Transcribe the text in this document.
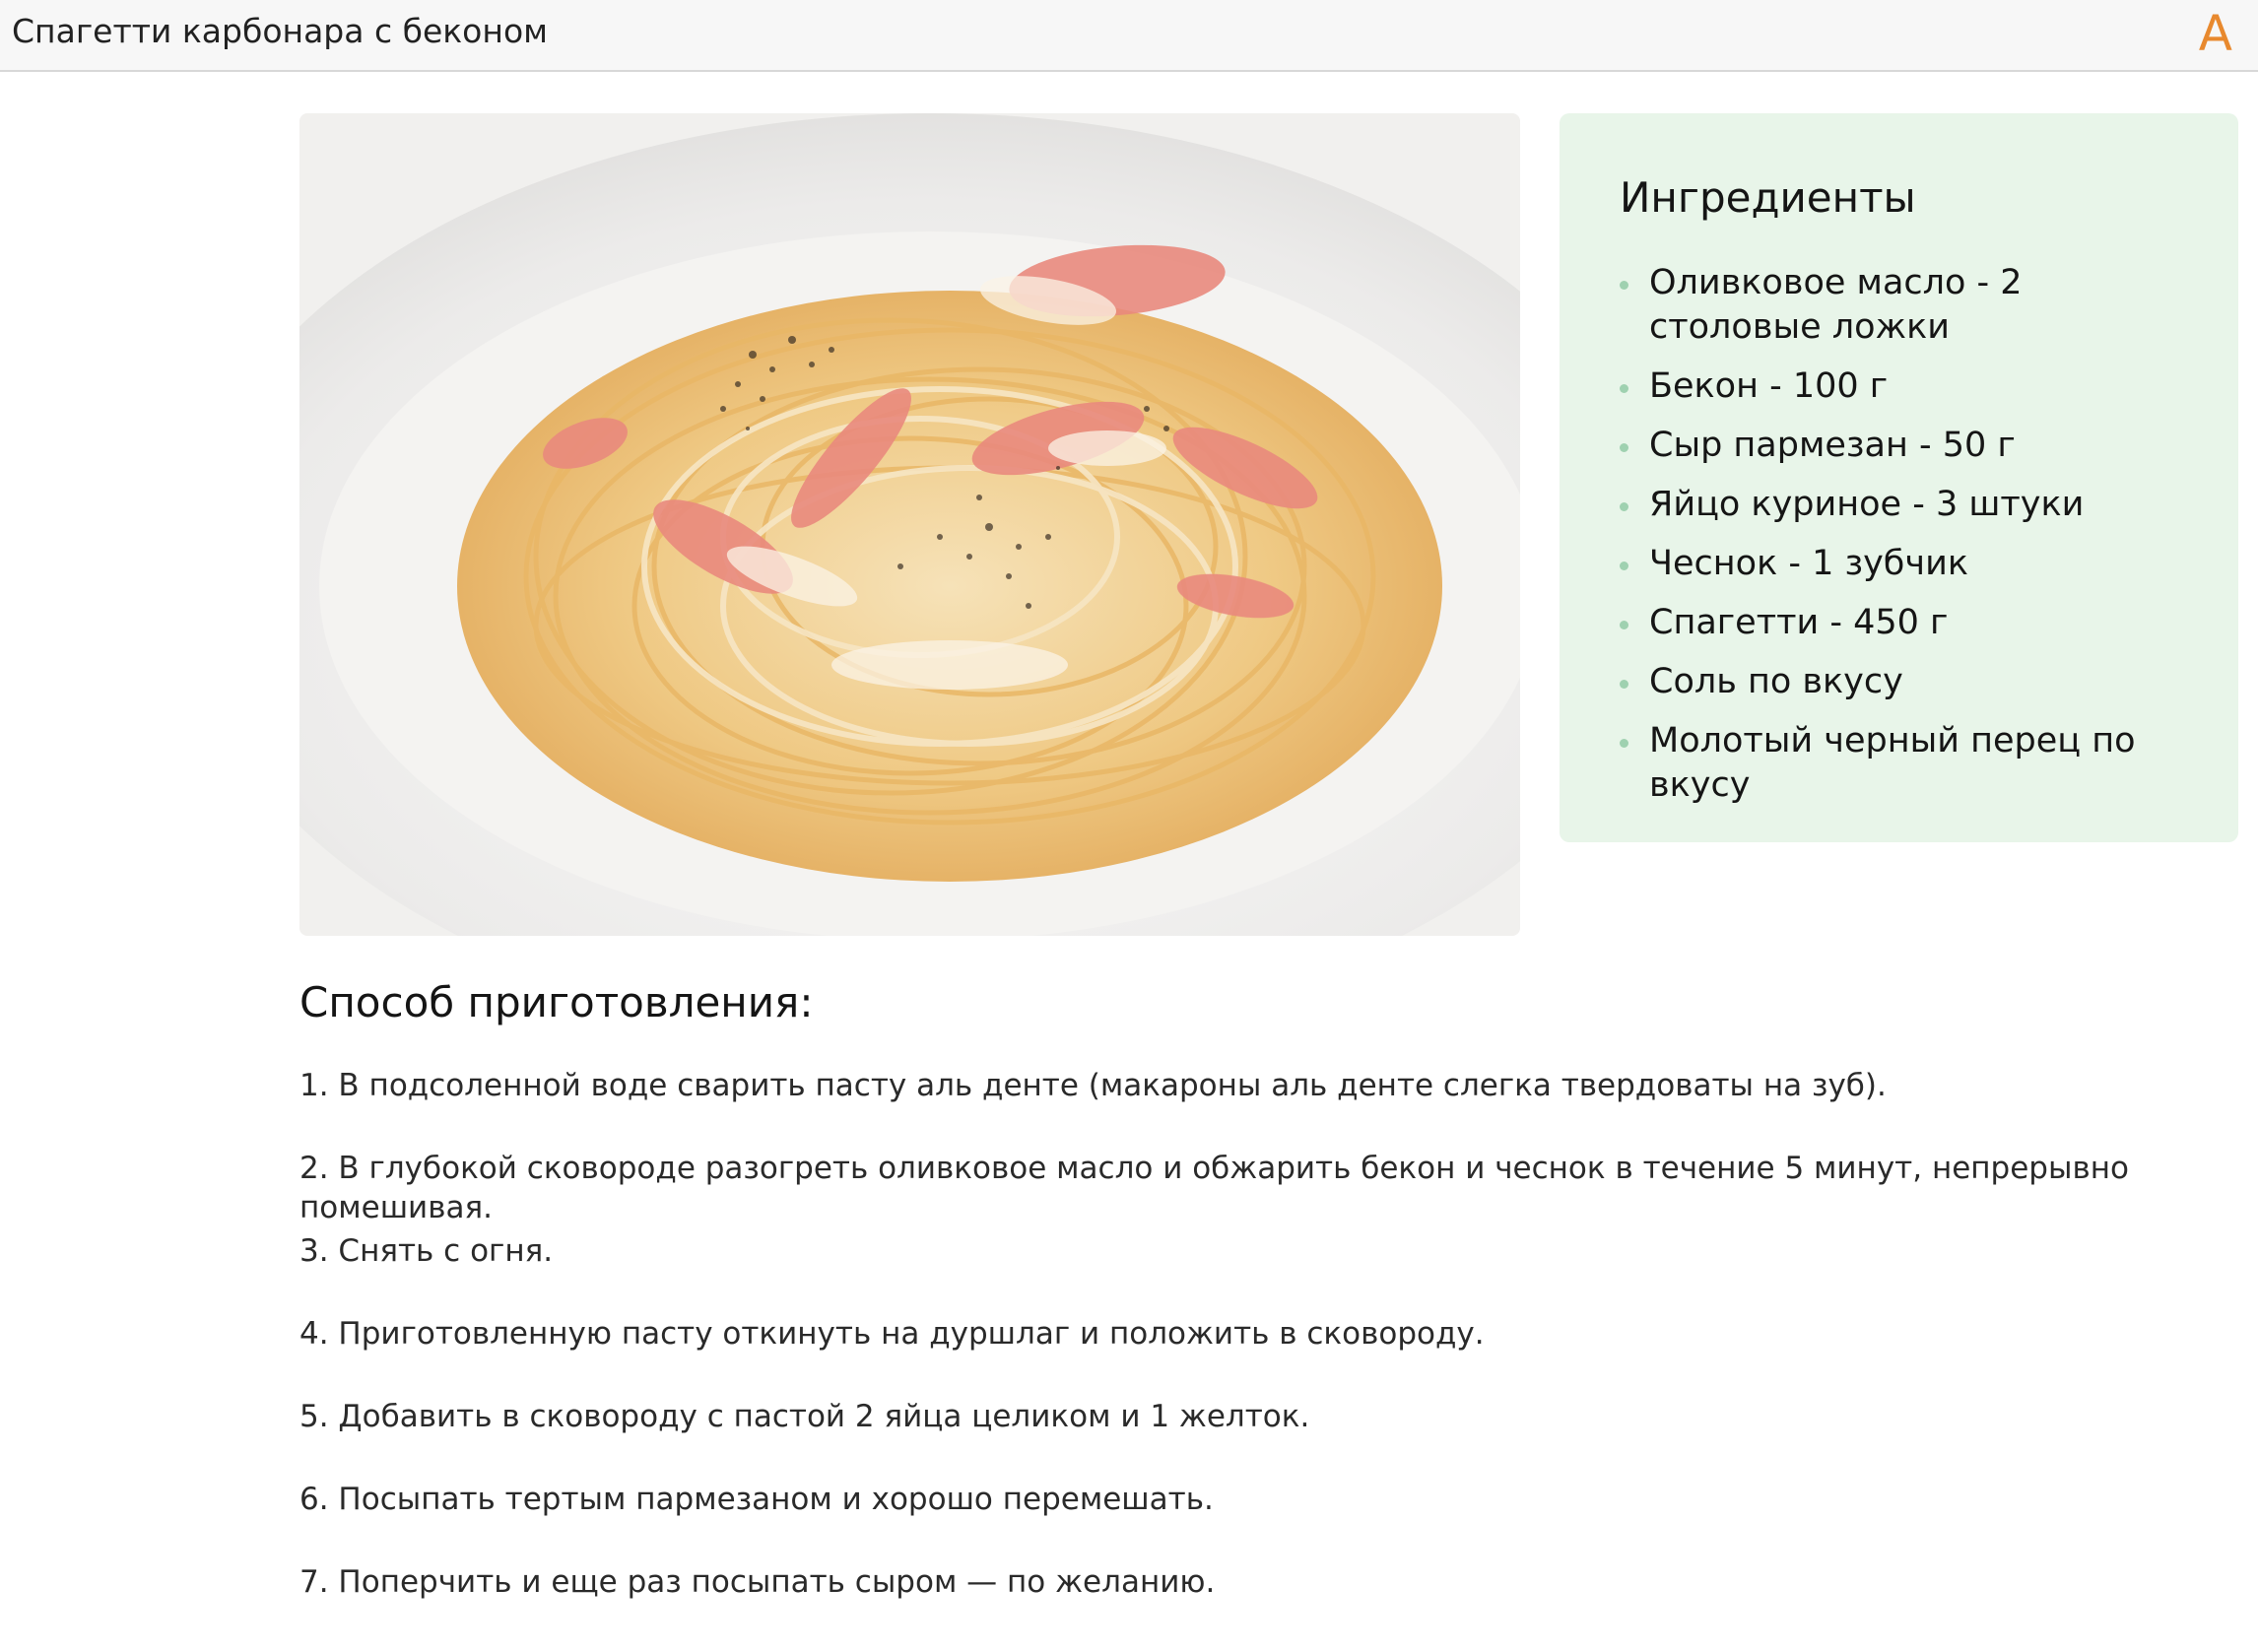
Спагетти карбонара с беконом	A
Ингредиенты
Оливковое масло - 2 столовые ложки
Бекон - 100 г
Сыр пармезан - 50 г
Яйцо куриное - 3 штуки
Чеснок - 1 зубчик
Спагетти - 450 г
Соль по вкусу
Молотый черный перец по вкусу
Способ приготовления:
1. В подсоленной воде сварить пасту аль денте (макароны аль денте слегка твердоваты на зуб).
2. В глубокой сковороде разогреть оливковое масло и обжарить бекон и чеснок в течение 5 минут, непрерывно помешивая.
3. Снять с огня.
4. Приготовленную пасту откинуть на дуршлаг и положить в сковороду.
5. Добавить в сковороду с пастой 2 яйца целиком и 1 желток.
6. Посыпать тертым пармезаном и хорошо перемешать.
7. Поперчить и еще раз посыпать сыром — по желанию.
